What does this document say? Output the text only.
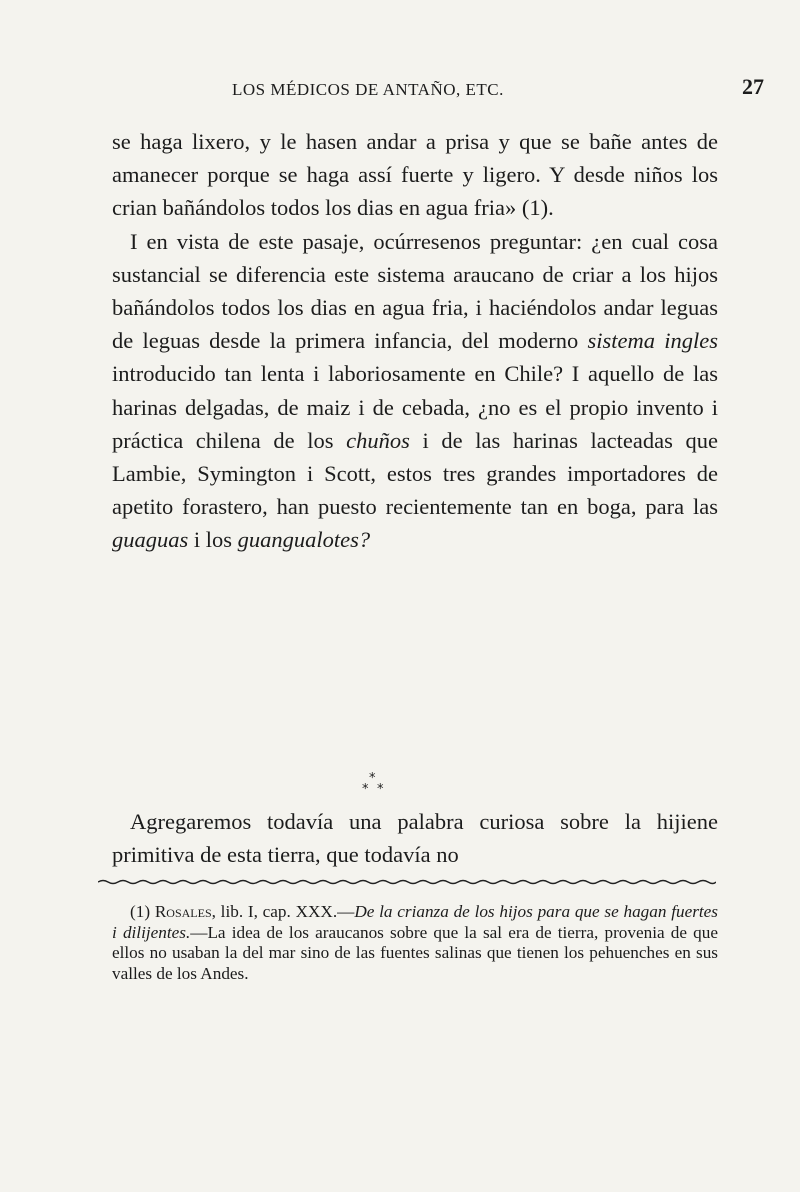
LOS MÉDICOS DE ANTAÑO, ETC.	27

se haga lixero, y le hasen andar a prisa y que se bañe antes de amanecer porque se haga assí fuerte y ligero. Y desde niños los crian bañándolos todos los dias en agua fria» (1).

I en vista de este pasaje, ocúrresenos preguntar: ¿en cual cosa sustancial se diferencia este sistema araucano de criar a los hijos bañándolos todos los dias en agua fria, i haciéndolos andar leguas de leguas desde la primera infancia, del moderno sistema ingles introducido tan lenta i laboriosamente en Chile? I aquello de las harinas delgadas, de maiz i de cebada, ¿no es el propio invento i práctica chilena de los chuños i de las harinas lacteadas que Lambie, Symington i Scott, estos tres grandes importadores de apetito forastero, han puesto recientemente tan en boga, para las guaguas i los guangualotes?

*
* *

Agregaremos todavía una palabra curiosa sobre la hijiene primitiva de esta tierra, que todavía no

(1) Rosales, lib. I, cap. XXX.—De la crianza de los hijos para que se hagan fuertes i dilijentes.—La idea de los araucanos sobre que la sal era de tierra, provenia de que ellos no usaban la del mar sino de las fuentes salinas que tienen los pehuenches en sus valles de los Andes.
